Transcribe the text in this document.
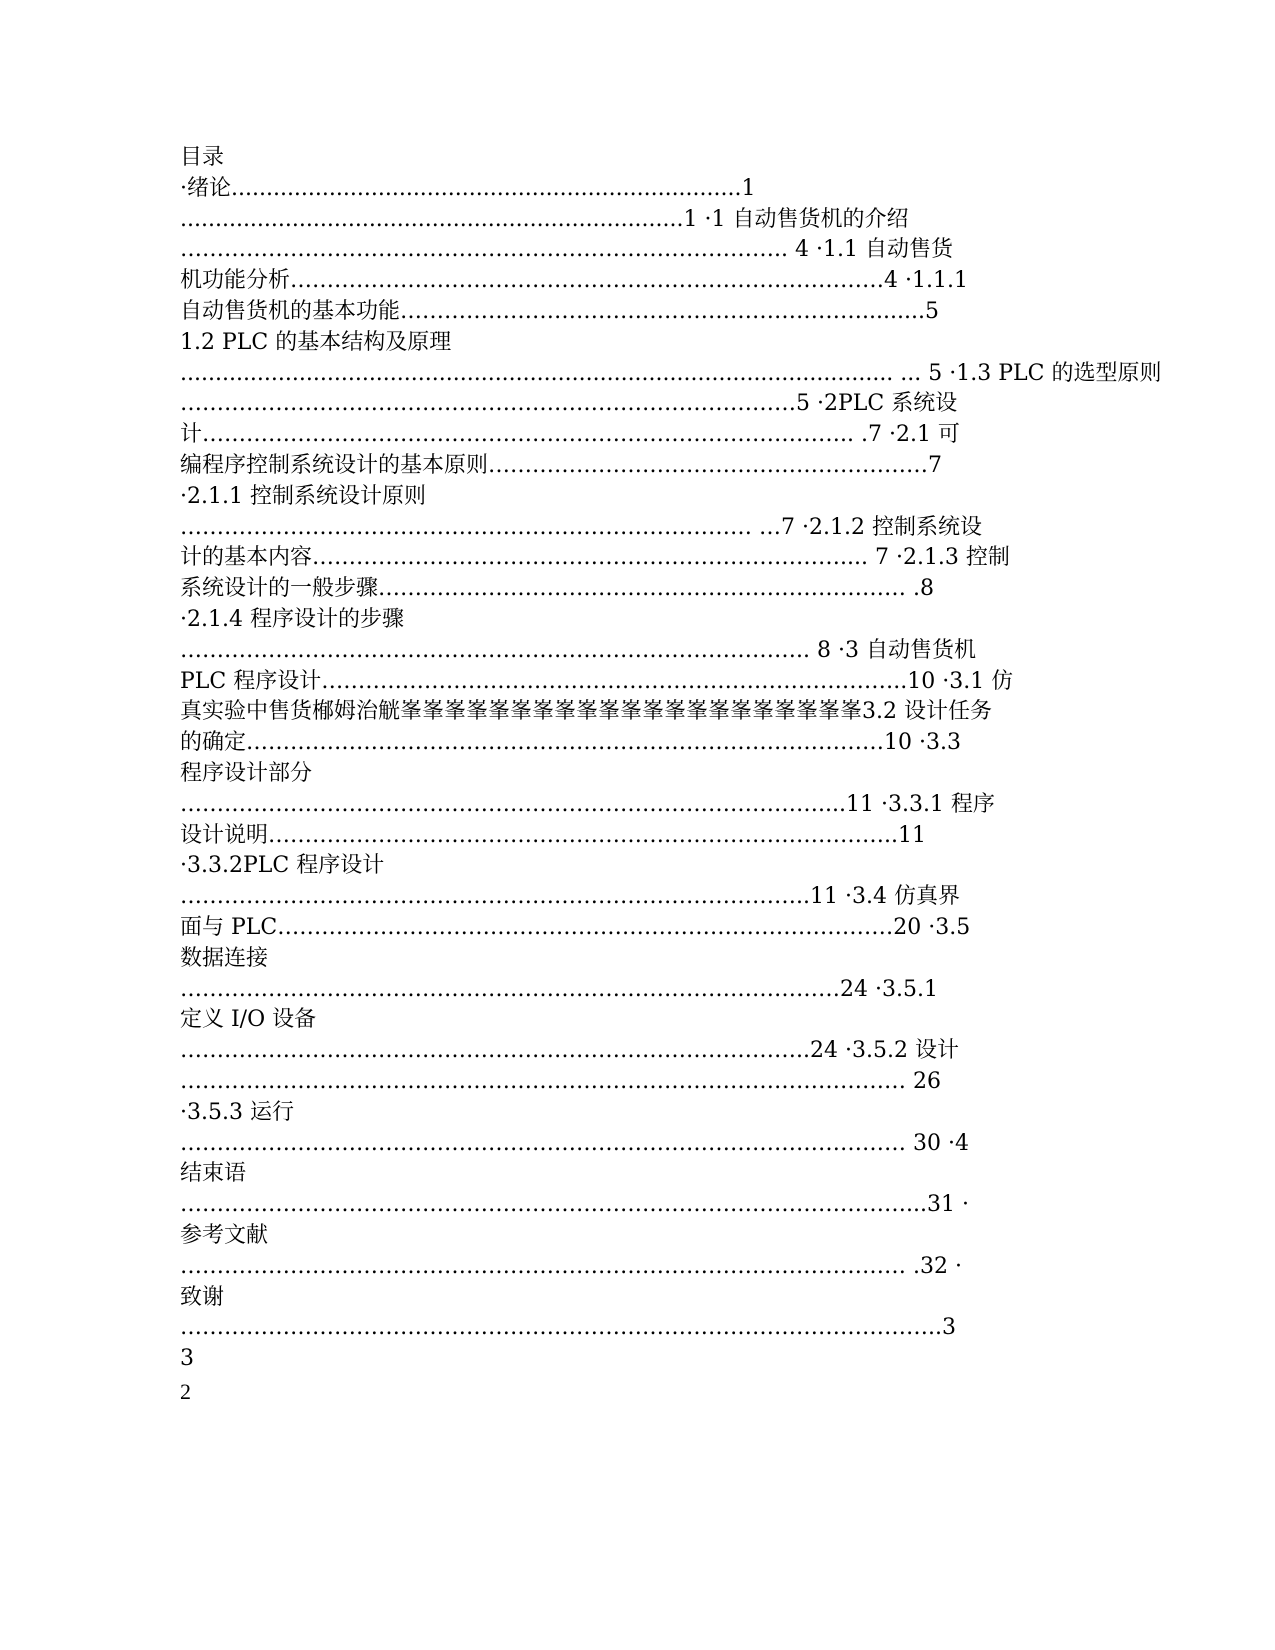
目录

·绪论.........................................................................1

........................................................................1 ·1 自动售货机的介绍

……………………………………………………………………….. 4 ·1.1 自动售货

机功能分析………………………………………………………………………4 ·1.1.1

自动售货机的基本功能……………………………………………………….........5

1.2 PLC 的基本结构及原理

...................................................................................................... ... 5 ·1.3 PLC 的选型原则

…………………………………………………………………………5 ·2PLC 系统设

计…………………………………………………………………………….. .7 ·2.1 可

编程序控制系统设计的基本原则……………………………………………………7

·2.1.1 控制系统设计原则

…………………………………………………………………… …7 ·2.1.2 控制系统设

计的基本内容……………………………………………………………….... 7 ·2.1.3 控制

系统设计的一般步骤……………………………………………………………… .8

·2.1.4 程序设计的步骤

………………………………………………………………………….. 8 ·3 自动售货机

PLC 程序设计……………………………………………………………………..10 ·3.1 仿

真实验中售货㮋姆治觥峯峯峯峯峯峯峯峯峯峯峯峯峯峯峯峯峯峯峯峯峯3.2 设计任务

的确定……………………………………………………………………………10 ·3.3

程序设计部分

……………………………………………………………………………....11 ·3.3.1 程序

设计说明…………………………………………………………………………..11

·3.3.2PLC 程序设计

…………………………………………………………………………..11 ·3.4 仿真界

面与 PLC…………………………………………………………………………20 ·3.5

数据连接

………………………………………………………………………………24 ·3.5.1

定义 I/O 设备

…………………………………………………………………………..24 ·3.5.2 设计

……………………………………………………………………………………… 26

·3.5.3 运行

……………………………………………………………………………………… 30 ·4

结束语

………………………………………………………………………………………...31 ·

参考文献

……………………………………………………………………………………… .32 ·

致谢

…………………………………………………………………………………………..3

3

2
